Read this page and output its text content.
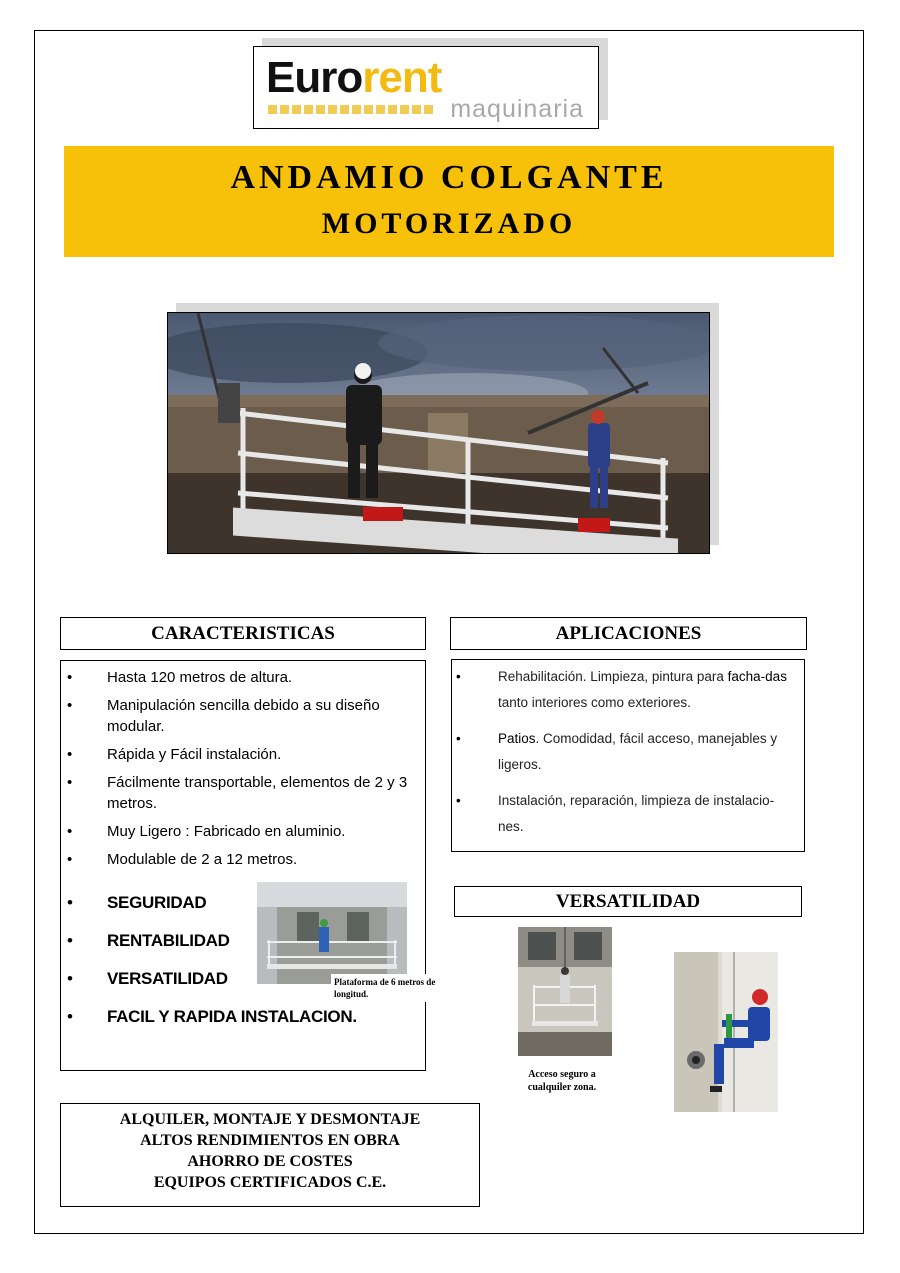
Eurorent
maquinaria
ANDAMIO COLGANTE
MOTORIZADO
CARACTERISTICAS	APLICACIONES
• Hasta 120 metros de altura.
• Manipulación sencilla debido a su diseño modular.
• Rápida y Fácil instalación.
• Fácilmente transportable, elementos de 2 y 3 metros.
• Muy Ligero : Fabricado en aluminio.
• Modulable de 2 a 12 metros.
• SEGURIDAD
• RENTABILIDAD
• VERSATILIDAD
• FACIL Y RAPIDA INSTALACION.
Plataforma de 6 metros de longitud.
• Rehabilitación. Limpieza, pintura para facha-das tanto interiores como exteriores.
• Patios. Comodidad, fácil acceso, manejables y ligeros.
• Instalación, reparación, limpieza de instalacio-nes.
VERSATILIDAD
Acceso seguro a cualquiler zona.
ALQUILER, MONTAJE Y DESMONTAJE
ALTOS RENDIMIENTOS EN OBRA
AHORRO DE COSTES
EQUIPOS CERTIFICADOS C.E.
